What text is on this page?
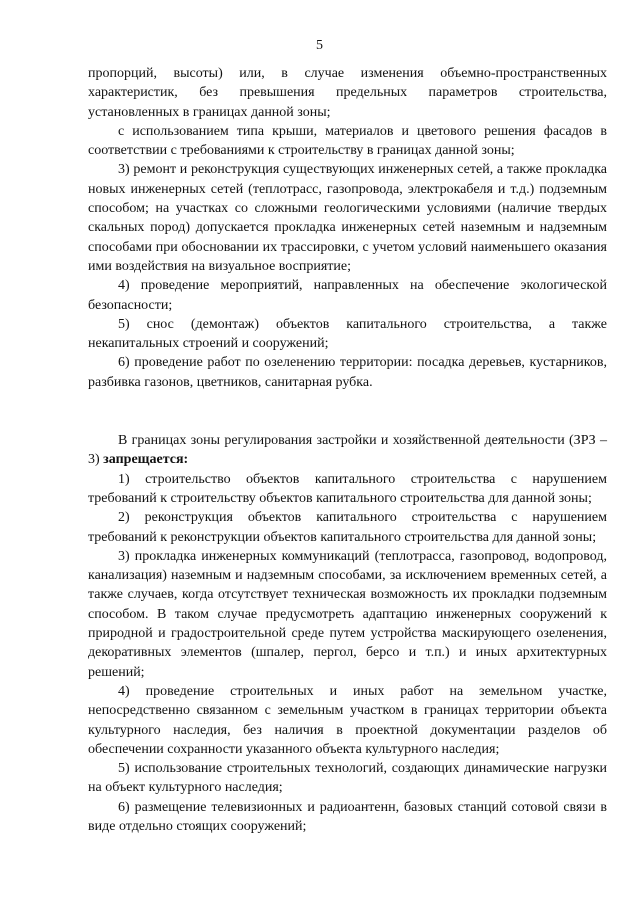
5

пропорций, высоты) или, в случае изменения объемно-пространственных характеристик, без превышения предельных параметров строительства, установленных в границах данной зоны;

с использованием типа крыши, материалов и цветового решения фасадов в соответствии с требованиями к строительству в границах данной зоны;

3) ремонт и реконструкция существующих инженерных сетей, а также прокладка новых инженерных сетей (теплотрасс, газопровода, электрокабеля и т.д.) подземным способом; на участках со сложными геологическими условиями (наличие твердых скальных пород) допускается прокладка инженерных сетей наземным и надземным способами при обосновании их трассировки, с учетом условий наименьшего оказания ими воздействия на визуальное восприятие;

4) проведение мероприятий, направленных на обеспечение экологической безопасности;

5) снос (демонтаж) объектов капитального строительства, а также некапитальных строений и сооружений;

6) проведение работ по озеленению территории: посадка деревьев, кустарников, разбивка газонов, цветников, санитарная рубка.

В границах зоны регулирования застройки и хозяйственной деятельности (ЗРЗ – 3) запрещается:

1) строительство объектов капитального строительства с нарушением требований к строительству объектов капитального строительства для данной зоны;

2) реконструкция объектов капитального строительства с нарушением требований к реконструкции объектов капитального строительства для данной зоны;

3) прокладка инженерных коммуникаций (теплотрасса, газопровод, водопровод, канализация) наземным и надземным способами, за исключением временных сетей, а также случаев, когда отсутствует техническая возможность их прокладки подземным способом. В таком случае предусмотреть адаптацию инженерных сооружений к природной и градостроительной среде путем устройства маскирующего озеленения, декоративных элементов (шпалер, пергол, берсо и т.п.) и иных архитектурных решений;

4) проведение строительных и иных работ на земельном участке, непосредственно связанном с земельным участком в границах территории объекта культурного наследия, без наличия в проектной документации разделов об обеспечении сохранности указанного объекта культурного наследия;

5) использование строительных технологий, создающих динамические нагрузки на объект культурного наследия;

6) размещение телевизионных и радиоантенн, базовых станций сотовой связи в виде отдельно стоящих сооружений;
